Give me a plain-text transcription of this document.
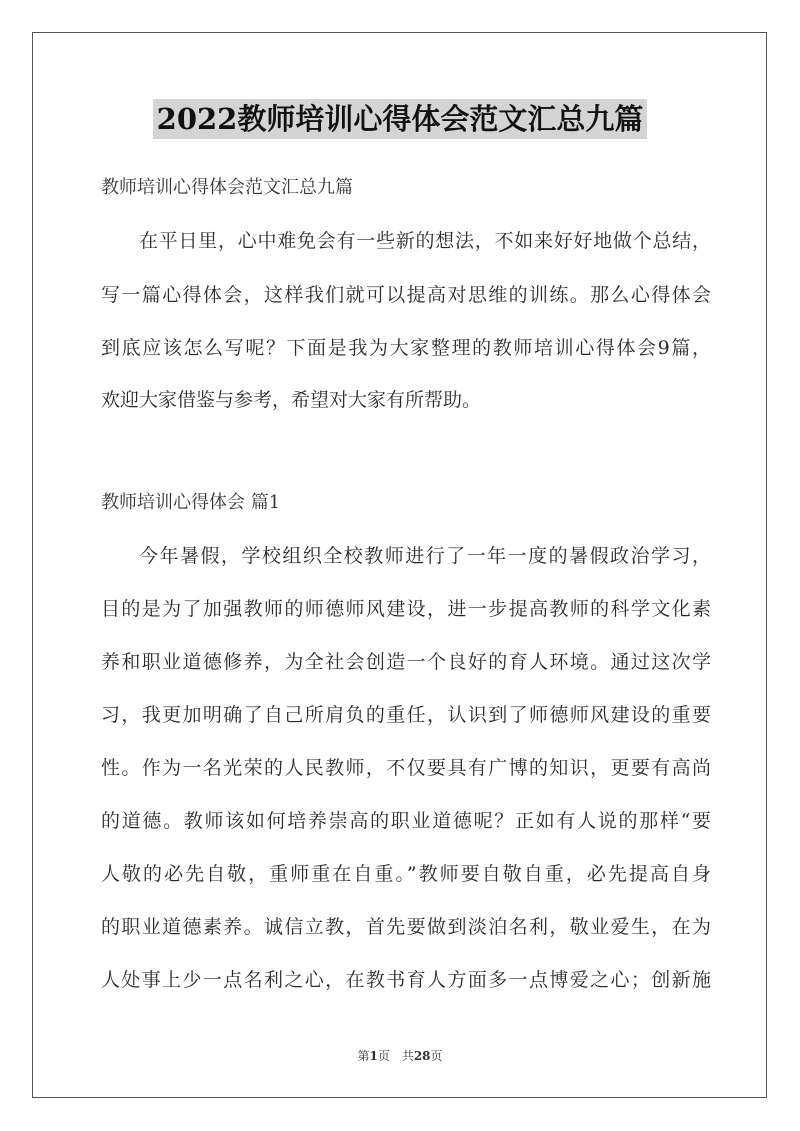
2022教师培训心得体会范文汇总九篇
教师培训心得体会范文汇总九篇
在平日里，心中难免会有一些新的想法，不如来好好地做个总结，
写一篇心得体会，这样我们就可以提高对思维的训练。那么心得体会
到底应该怎么写呢？下面是我为大家整理的教师培训心得体会9篇，
欢迎大家借鉴与参考，希望对大家有所帮助。
教师培训心得体会 篇1
今年暑假，学校组织全校教师进行了一年一度的暑假政治学习，
目的是为了加强教师的师德师风建设，进一步提高教师的科学文化素
养和职业道德修养，为全社会创造一个良好的育人环境。通过这次学
习，我更加明确了自己所肩负的重任，认识到了师德师风建设的重要
性。作为一名光荣的人民教师，不仅要具有广博的知识，更要有高尚
的道德。教师该如何培养崇高的职业道德呢？正如有人说的那样“要
人敬的必先自敬，重师重在自重。”教师要自敬自重，必先提高自身
的职业道德素养。诚信立教，首先要做到淡泊名利，敬业爱生，在为
人处事上少一点名利之心，在教书育人方面多一点博爱之心；创新施
第1页　共28页
